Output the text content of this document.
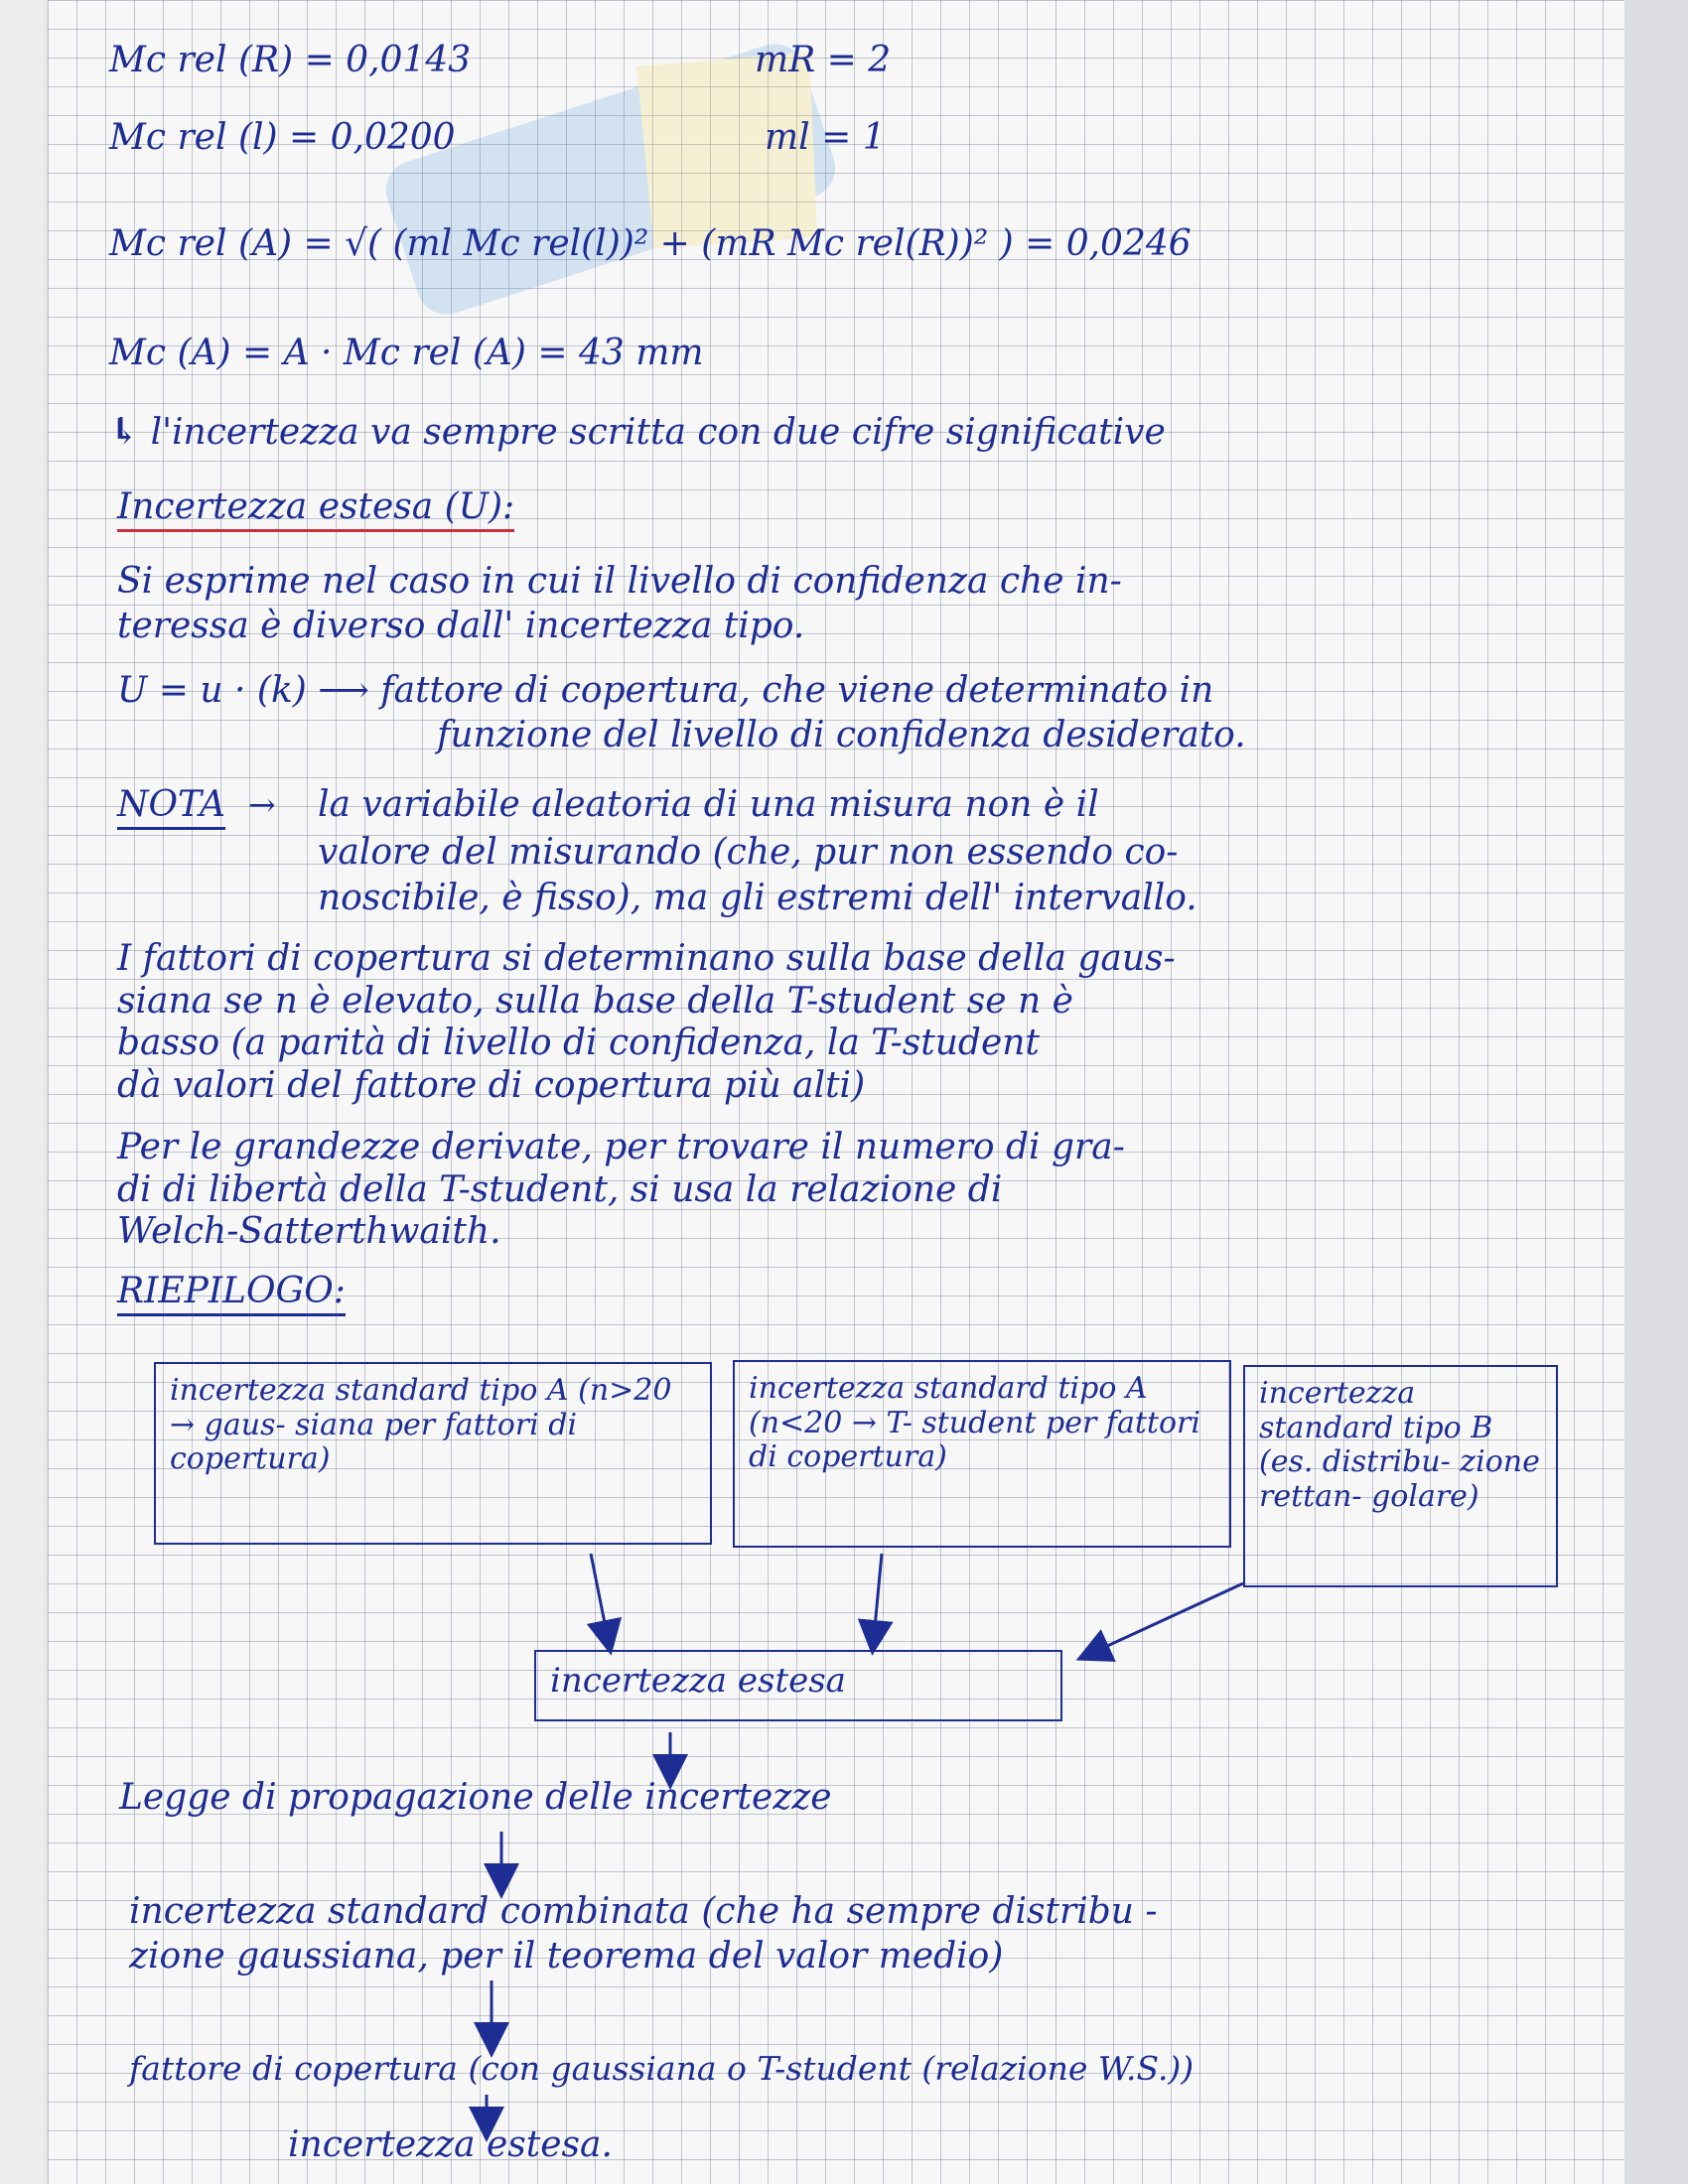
Mc rel (R) = 0,0143	mR = 2
Mc rel (l) = 0,0200	ml = 1
Mc rel (A) = √( (ml Mc rel(l))² + (mR Mc rel(R))² ) = 0,0246
Mc (A) = A · Mc rel (A) = 43 mm
↳ l'incertezza va sempre scritta con due cifre significative
Incertezza estesa (U):
Si esprime nel caso in cui il livello di confidenza che in-
teressa è diverso dall' incertezza tipo.
U = u · (k) ⟶ fattore di copertura, che viene determinato in
funzione del livello di confidenza desiderato.
NOTA → la variabile aleatoria di una misura non è il
valore del misurando (che, pur non essendo co-
noscibile, è fisso), ma gli estremi dell' intervallo.
I fattori di copertura si determinano sulla base della gaus-
siana se n è elevato, sulla base della T-student se n è
basso (a parità di livello di confidenza, la T-student
dà valori del fattore di copertura più alti)
Per le grandezze derivate, per trovare il numero di gra-
di di libertà della T-student, si usa la relazione di
Welch-Satterthwaith.
RIEPILOGO:
incertezza standard tipo A (n>20 → gaus- siana per fattori di copertura)
incertezza standard tipo A (n<20 → T- student per fattori di copertura)
incertezza standard tipo B (es. distribu- zione rettan- golare)
incertezza estesa
Legge di propagazione delle incertezze
incertezza standard combinata (che ha sempre distribu -
zione gaussiana, per il teorema del valor medio)
fattore di copertura (con gaussiana o T-student (relazione W.S.))
incertezza estesa.
